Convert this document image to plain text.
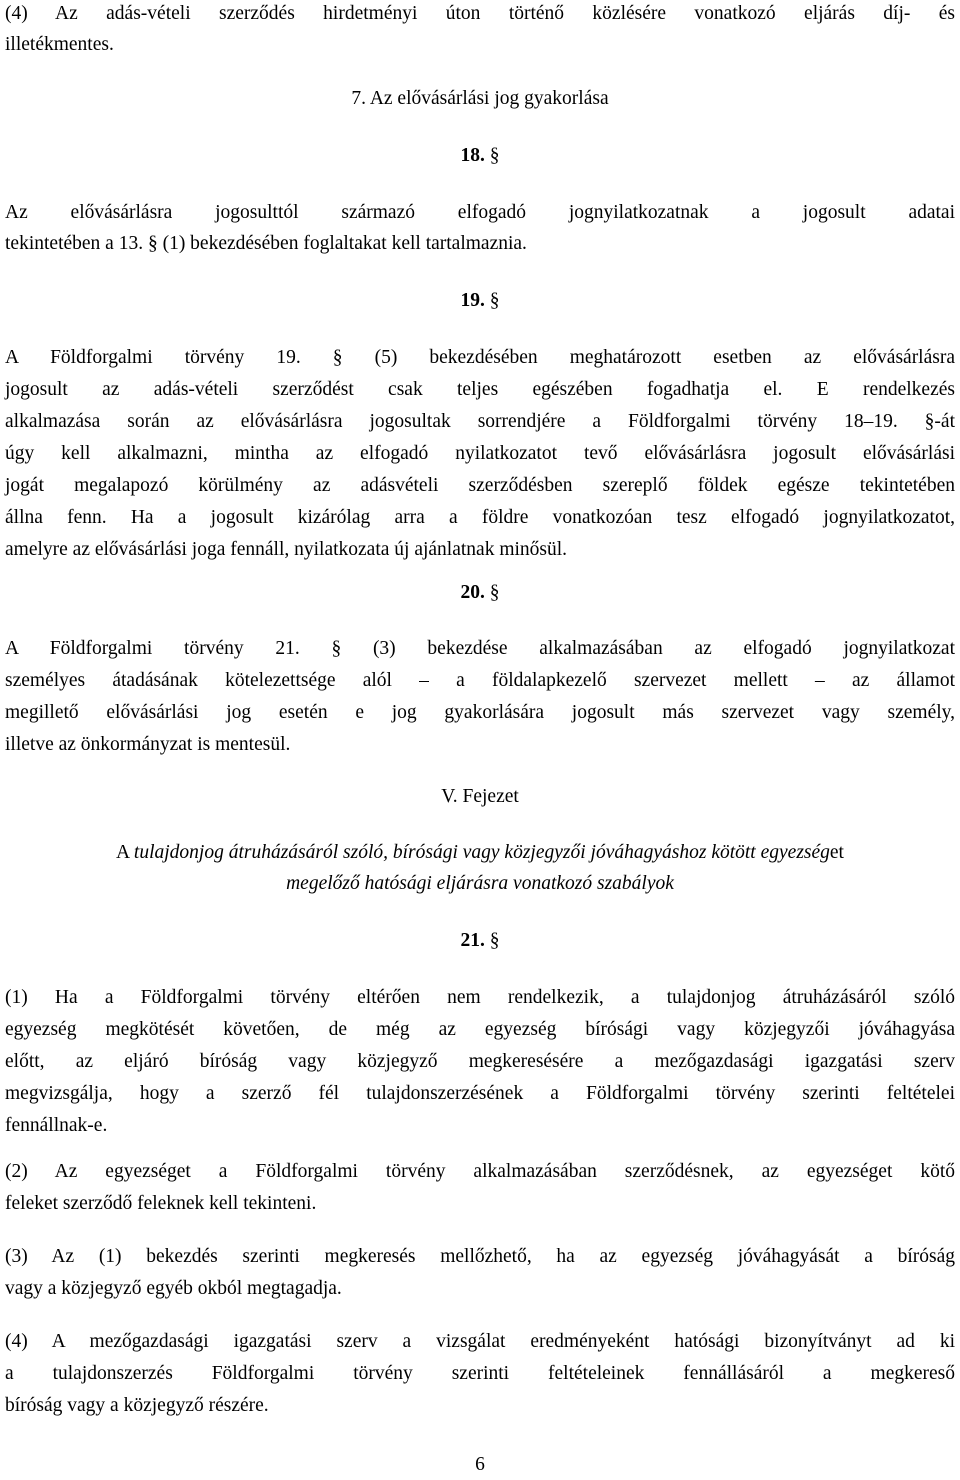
(4) Az adás-vételi szerződés hirdetményi úton történő közlésére vonatkozó eljárás díj- és
illetékmentes.
7. Az elővásárlási jog gyakorlása
18. §
Az elővásárlásra jogosulttól származó elfogadó jognyilatkozatnak a jogosult adatai
tekintetében a 13. § (1) bekezdésében foglaltakat kell tartalmaznia.
19. §
A Földforgalmi törvény 19. § (5) bekezdésében meghatározott esetben az elővásárlásra
jogosult az adás-vételi szerződést csak teljes egészében fogadhatja el. E rendelkezés
alkalmazása során az elővásárlásra jogosultak sorrendjére a Földforgalmi törvény 18–19. §-át
úgy kell alkalmazni, mintha az elfogadó nyilatkozatot tevő elővásárlásra jogosult elővásárlási
jogát megalapozó körülmény az adásvételi szerződésben szereplő földek egésze tekintetében
állna fenn. Ha a jogosult kizárólag arra a földre vonatkozóan tesz elfogadó jognyilatkozatot,
amelyre az elővásárlási joga fennáll, nyilatkozata új ajánlatnak minősül.
20. §
A Földforgalmi törvény 21. § (3) bekezdése alkalmazásában az elfogadó jognyilatkozat
személyes átadásának kötelezettsége alól – a földalapkezelő szervezet mellett – az államot
megillető elővásárlási jog esetén e jog gyakorlására jogosult más szervezet vagy személy,
illetve az önkormányzat is mentesül.
V. Fejezet
A tulajdonjog átruházásáról szóló, bírósági vagy közjegyzői jóváhagyáshoz kötött egyezséget
megelőző hatósági eljárásra vonatkozó szabályok
21. §
(1) Ha a Földforgalmi törvény eltérően nem rendelkezik, a tulajdonjog átruházásáról szóló
egyezség megkötését követően, de még az egyezség bírósági vagy közjegyzői jóváhagyása
előtt, az eljáró bíróság vagy közjegyző megkeresésére a mezőgazdasági igazgatási szerv
megvizsgálja, hogy a szerző fél tulajdonszerzésének a Földforgalmi törvény szerinti feltételei
fennállnak-e.
(2) Az egyezséget a Földforgalmi törvény alkalmazásában szerződésnek, az egyezséget kötő
feleket szerződő feleknek kell tekinteni.
(3) Az (1) bekezdés szerinti megkeresés mellőzhető, ha az egyezség jóváhagyását a bíróság
vagy a közjegyző egyéb okból megtagadja.
(4) A mezőgazdasági igazgatási szerv a vizsgálat eredményeként hatósági bizonyítványt ad ki
a tulajdonszerzés Földforgalmi törvény szerinti feltételeinek fennállásáról a megkereső
bíróság vagy a közjegyző részére.
6
